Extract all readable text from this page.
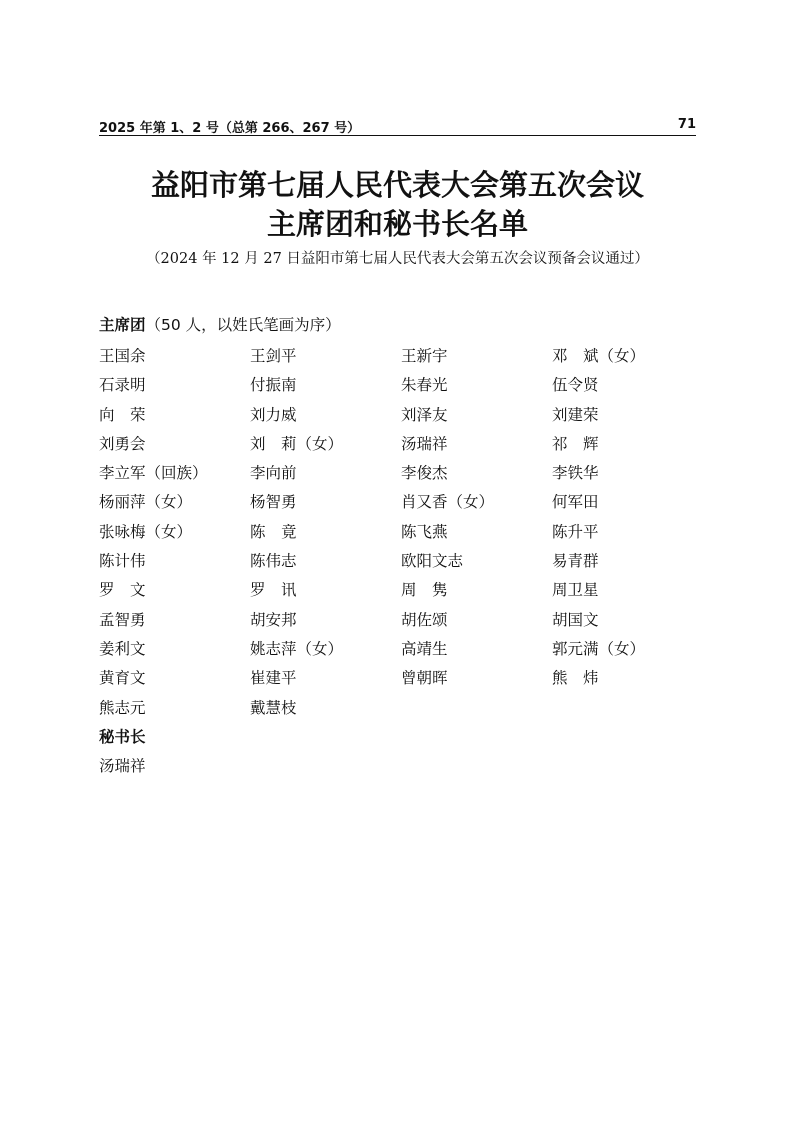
2025 年第 1、2 号（总第 266、267 号）	71
益阳市第七届人民代表大会第五次会议
主席团和秘书长名单
（2024 年 12 月 27 日益阳市第七届人民代表大会第五次会议预备会议通过）
主席团（50 人，以姓氏笔画为序）
王国余	王剑平	王新宇	邓　斌（女）
石录明	付振南	朱春光	伍令贤
向　荣	刘力威	刘泽友	刘建荣
刘勇会	刘　莉（女）	汤瑞祥	祁　辉
李立军（回族）	李向前	李俊杰	李铁华
杨丽萍（女）	杨智勇	肖又香（女）	何军田
张咏梅（女）	陈　竟	陈飞燕	陈升平
陈计伟	陈伟志	欧阳文志	易青群
罗　文	罗　讯	周　隽	周卫星
孟智勇	胡安邦	胡佐颂	胡国文
姜利文	姚志萍（女）	高靖生	郭元满（女）
黄育文	崔建平	曾朝晖	熊　炜
熊志元	戴慧枝
秘书长
汤瑞祥
